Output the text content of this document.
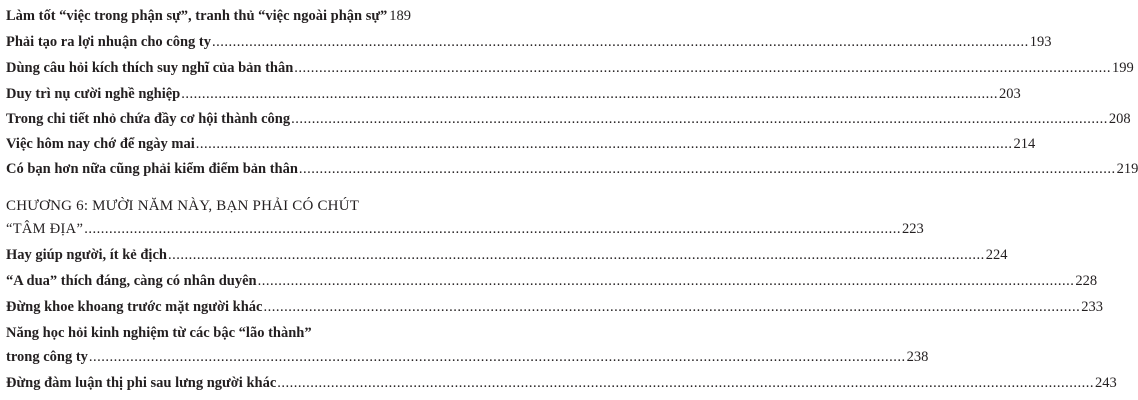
Làm tốt “việc trong phận sự”, tranh thủ “việc ngoài phận sự” 189
Phải tạo ra lợi nhuận cho công ty .....	193
Dùng câu hỏi kích thích suy nghĩ của bản thân .....	199
Duy trì nụ cười nghề nghiệp .....	203
Trong chi tiết nhỏ chứa đầy cơ hội thành công .....	208
Việc hôm nay chớ để ngày mai .....	214
Có bạn hơn nữa cũng phải kiểm điểm bản thân .....	219
CHƯƠNG 6: MƯỜI NĂM NÀY, BẠN PHẢI CÓ CHÚT
“TÂM ĐỊA” .....	223
Hay giúp người, ít kẻ địch .....	224
“A dua” thích đáng, càng có nhân duyên .....	228
Đừng khoe khoang trước mặt người khác .....	233
Năng học hỏi kinh nghiệm từ các bậc “lão thành”
trong công ty .....	238
Đừng đàm luận thị phi sau lưng người khác .....	243
